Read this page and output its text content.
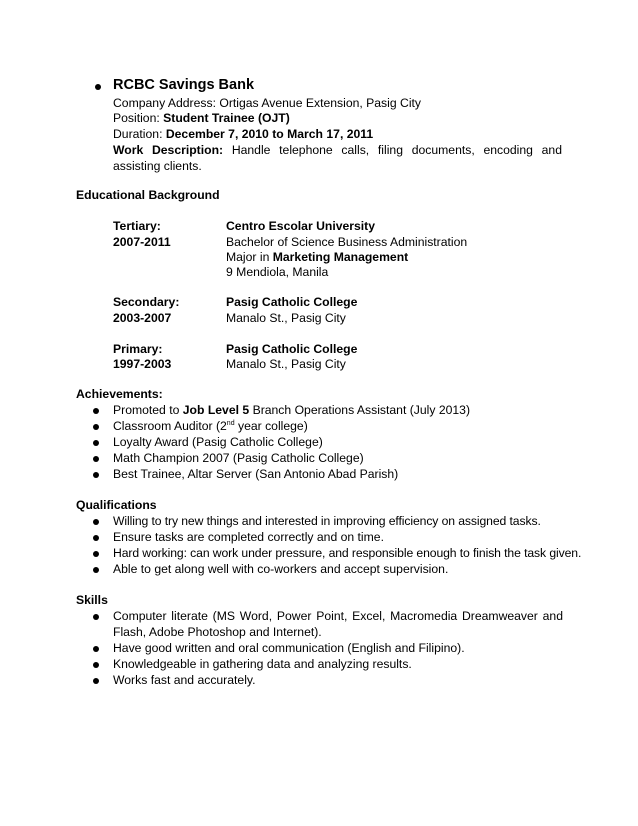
RCBC Savings Bank
Company Address: Ortigas Avenue Extension, Pasig City
Position: Student Trainee (OJT)
Duration: December 7, 2010 to March 17, 2011
Work Description: Handle telephone calls, filing documents, encoding and assisting clients.
Educational Background
Tertiary:
2007-2011
Centro Escolar University
Bachelor of Science Business Administration
Major in Marketing Management
9 Mendiola, Manila
Secondary:
2003-2007
Pasig Catholic College
Manalo St., Pasig City
Primary:
1997-2003
Pasig Catholic College
Manalo St., Pasig City
Achievements:
Promoted to Job Level 5 Branch Operations Assistant (July 2013)
Classroom Auditor (2nd year college)
Loyalty Award (Pasig Catholic College)
Math Champion 2007 (Pasig Catholic College)
Best Trainee, Altar Server (San Antonio Abad Parish)
Qualifications
Willing to try new things and interested in improving efficiency on assigned tasks.
Ensure tasks are completed correctly and on time.
Hard working: can work under pressure, and responsible enough to finish the task given.
Able to get along well with co-workers and accept supervision.
Skills
Computer literate (MS Word, Power Point, Excel, Macromedia Dreamweaver and Flash, Adobe Photoshop and Internet).
Have good written and oral communication (English and Filipino).
Knowledgeable in gathering data and analyzing results.
Works fast and accurately.
